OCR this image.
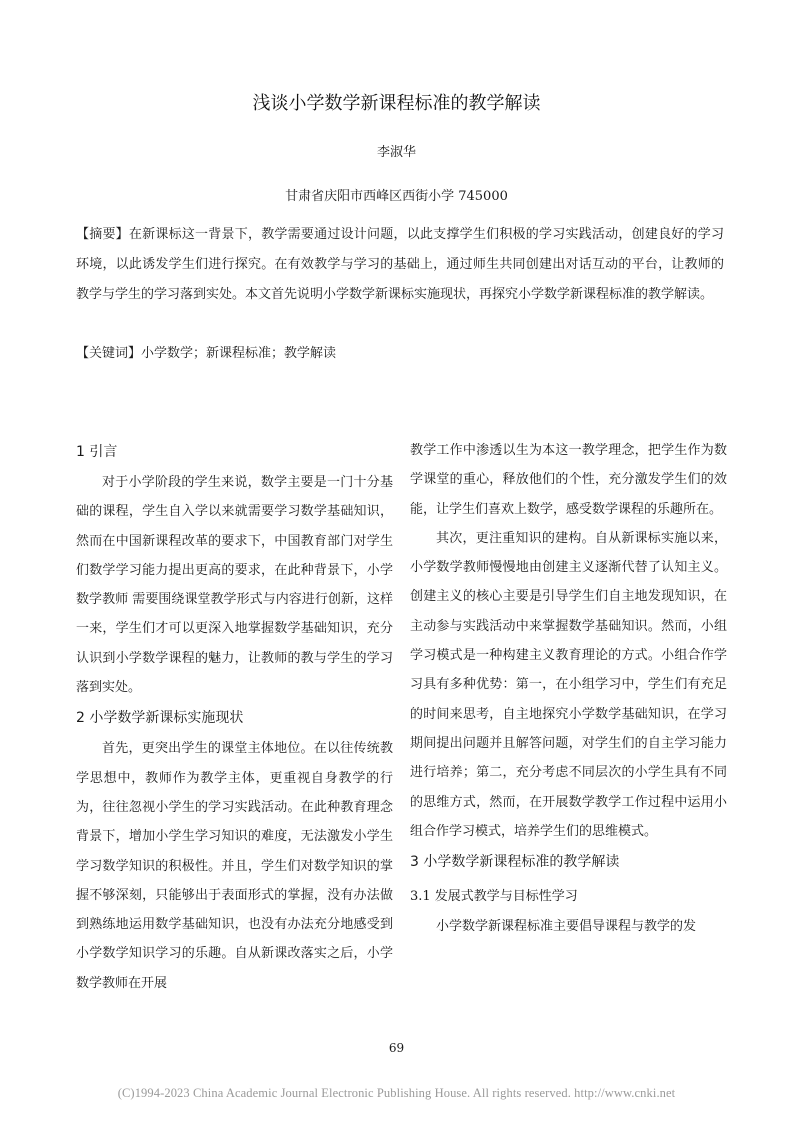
浅谈小学数学新课程标准的教学解读
李淑华
甘肃省庆阳市西峰区西街小学 745000

【摘要】在新课标这一背景下，教学需要通过设计问题，以此支撑学生们积极的学习实践活动，创建良好的学习环境，以此诱发学生们进行探究。在有效教学与学习的基础上，通过师生共同创建出对话互动的平台，让教师的教学与学生的学习落到实处。本文首先说明小学数学新课标实施现状，再探究小学数学新课程标准的教学解读。

【关键词】小学数学；新课程标准；教学解读

1 引言

对于小学阶段的学生来说，数学主要是一门十分基础的课程，学生自入学以来就需要学习数学基础知识，然而在中国新课程改革的要求下，中国教育部门对学生们数学学习能力提出更高的要求，在此种背景下，小学数学教师 需要围绕课堂教学形式与内容进行创新，这样一来，学生们才可以更深入地掌握数学基础知识，充分认识到小学数学课程的魅力，让教师的教与学生的学习落到实处。

2 小学数学新课标实施现状

首先，更突出学生的课堂主体地位。在以往传统教学思想中，教师作为教学主体，更重视自身教学的行为，往往忽视小学生的学习实践活动。在此种教育理念背景下，增加小学生学习知识的难度，无法激发小学生学习数学知识的积极性。并且，学生们对数学知识的掌握不够深刻，只能够出于表面形式的掌握，没有办法做到熟练地运用数学基础知识，也没有办法充分地感受到小学数学知识学习的乐趣。自从新课改落实之后，小学数学教师在开展

教学工作中渗透以生为本这一教学理念，把学生作为数学课堂的重心，释放他们的个性，充分激发学生们的效能，让学生们喜欢上数学，感受数学课程的乐趣所在。

其次，更注重知识的建构。自从新课标实施以来，小学数学教师慢慢地由创建主义逐渐代替了认知主义。创建主义的核心主要是引导学生们自主地发现知识，在主动参与实践活动中来掌握数学基础知识。然而，小组学习模式是一种构建主义教育理论的方式。小组合作学习具有多种优势：第一，在小组学习中，学生们有充足的时间来思考，自主地探究小学数学基础知识，在学习期间提出问题并且解答问题，对学生们的自主学习能力进行培养；第二，充分考虑不同层次的小学生具有不同的思维方式，然而，在开展数学教学工作过程中运用小组合作学习模式，培养学生们的思维模式。

3 小学数学新课程标准的教学解读
3.1 发展式教学与目标性学习

小学数学新课程标准主要倡导课程与教学的发

69
(C)1994-2023 China Academic Journal Electronic Publishing House. All rights reserved. http://www.cnki.net
